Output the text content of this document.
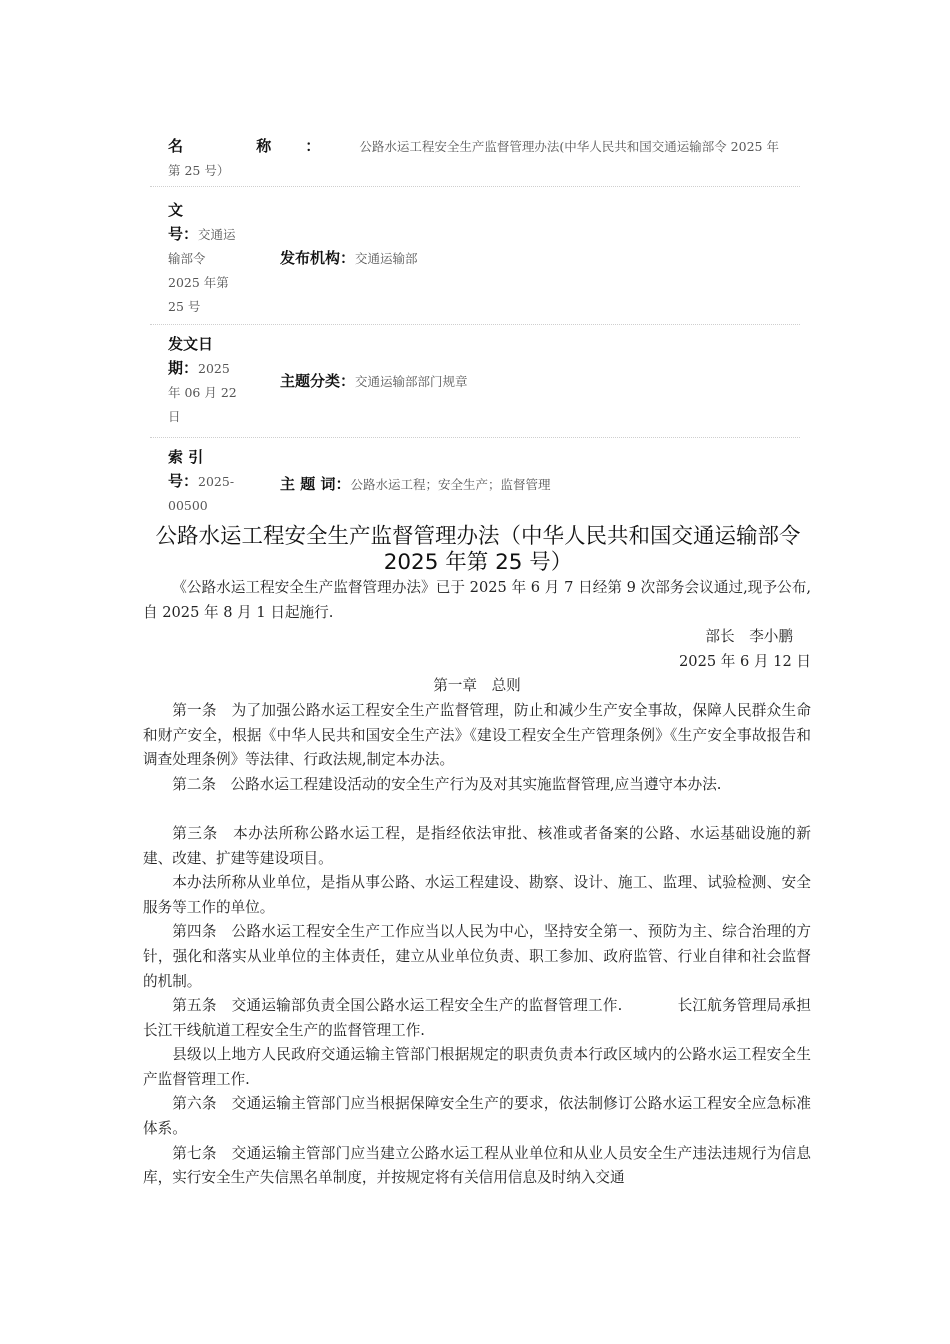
名 称： 公路水运工程安全生产监督管理办法(中华人民共和国交通运输部令 2025 年第 25 号）
文
号：交通运输部令 2025 年第 25 号
发布机构：交通运输部
发文日
期：2025 年 06 月 22 日
主题分类：交通运输部部门规章
索 引
号：2025-00500
主 题 词：公路水运工程；安全生产；监督管理
公路水运工程安全生产监督管理办法（中华人民共和国交通运输部令 2025 年第 25 号）

《公路水运工程安全生产监督管理办法》已于 2025 年 6 月 7 日经第 9 次部务会议通过,现予公布,自 2025 年 8 月 1 日起施行.

部长　李小鹏

2025 年 6 月 12 日

第一章　总则

第一条　为了加强公路水运工程安全生产监督管理，防止和减少生产安全事故，保障人民群众生命和财产安全，根据《中华人民共和国安全生产法》《建设工程安全生产管理条例》《生产安全事故报告和调查处理条例》等法律、行政法规,制定本办法。

第二条　公路水运工程建设活动的安全生产行为及对其实施监督管理,应当遵守本办法.

第三条　本办法所称公路水运工程，是指经依法审批、核准或者备案的公路、水运基础设施的新建、改建、扩建等建设项目。

本办法所称从业单位，是指从事公路、水运工程建设、勘察、设计、施工、监理、试验检测、安全服务等工作的单位。

第四条　公路水运工程安全生产工作应当以人民为中心，坚持安全第一、预防为主、综合治理的方针，强化和落实从业单位的主体责任，建立从业单位负责、职工参加、政府监管、行业自律和社会监督的机制。

第五条　交通运输部负责全国公路水运工程安全生产的监督管理工作.	长江航务管理局承担长江干线航道工程安全生产的监督管理工作.

县级以上地方人民政府交通运输主管部门根据规定的职责负责本行政区域内的公路水运工程安全生产监督管理工作.

第六条　交通运输主管部门应当根据保障安全生产的要求，依法制修订公路水运工程安全应急标准体系。

第七条　交通运输主管部门应当建立公路水运工程从业单位和从业人员安全生产违法违规行为信息库，实行安全生产失信黑名单制度，并按规定将有关信用信息及时纳入交通
